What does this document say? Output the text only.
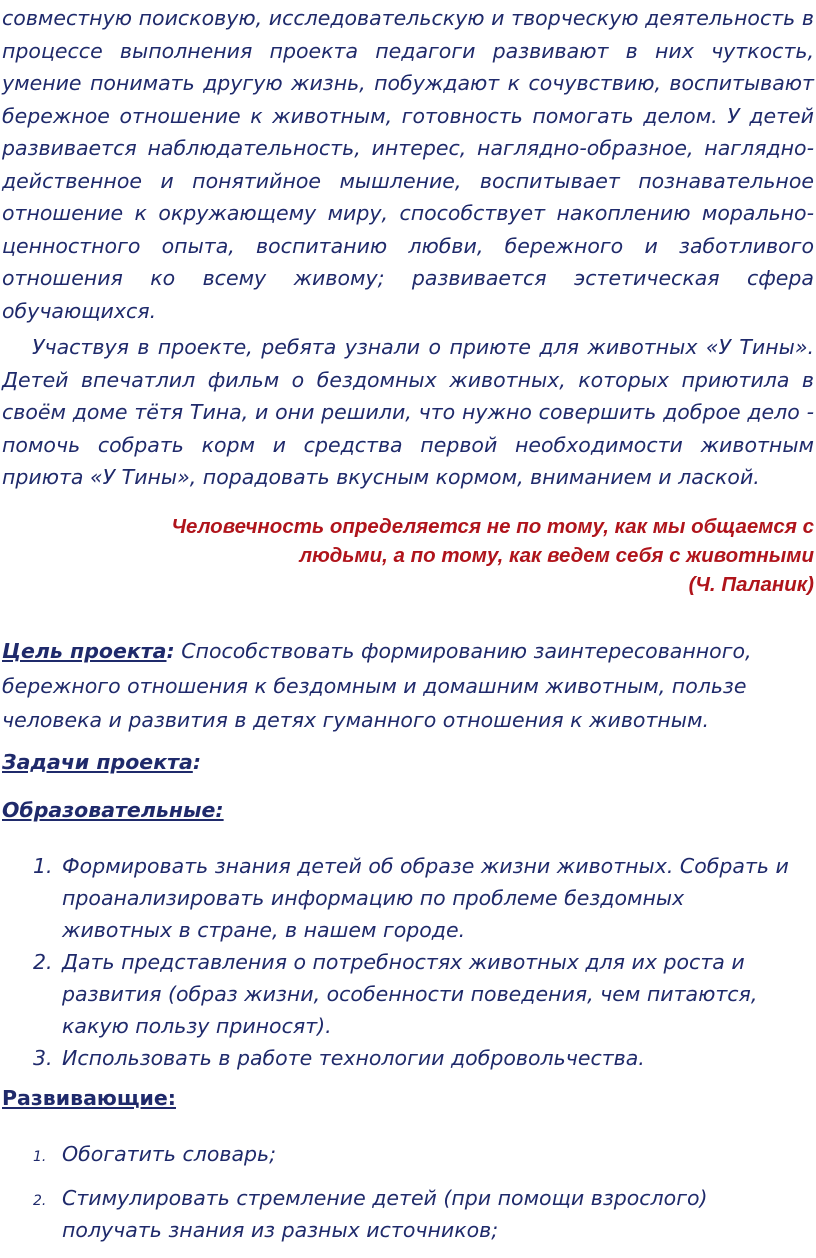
совместную поисковую, исследовательскую и творческую деятельность в процессе выполнения проекта педагоги развивают в них чуткость, умение понимать другую жизнь, побуждают к сочувствию, воспитывают бережное отношение к животным, готовность помогать делом. У детей развивается наблюдательность, интерес, наглядно-образное, наглядно-действенное и понятийное мышление, воспитывает познавательное отношение к окружающему миру, способствует накоплению морально-ценностного опыта, воспитанию любви, бережного и заботливого отношения ко всему живому; развивается эстетическая сфера обучающихся.
Участвуя в проекте, ребята узнали о приюте для животных «У Тины». Детей впечатлил фильм о бездомных животных, которых приютила в своём доме тётя Тина, и они решили, что нужно совершить доброе дело - помочь собрать корм и средства первой необходимости животным приюта «У Тины», порадовать вкусным кормом, вниманием и лаской.
Человечность определяется не по тому, как мы общаемся с
людьми, а по тому, как ведем себя с животными
(Ч. Паланик)
Цель проекта: Способствовать формированию заинтересованного, бережного отношения к бездомным и домашним животным, пользе человека и развития в детях гуманного отношения к животным.
Задачи проекта:
Образовательные:
1. Формировать знания детей об образе жизни животных. Собрать и проанализировать информацию по проблеме бездомных животных в стране, в нашем городе.
2. Дать представления о потребностях животных для их роста и развития (образ жизни, особенности поведения, чем питаются, какую пользу приносят).
3. Использовать в работе технологии добровольчества.
Развивающие:
1. Обогатить словарь;
2. Стимулировать стремление детей (при помощи взрослого) получать знания из разных источников;
